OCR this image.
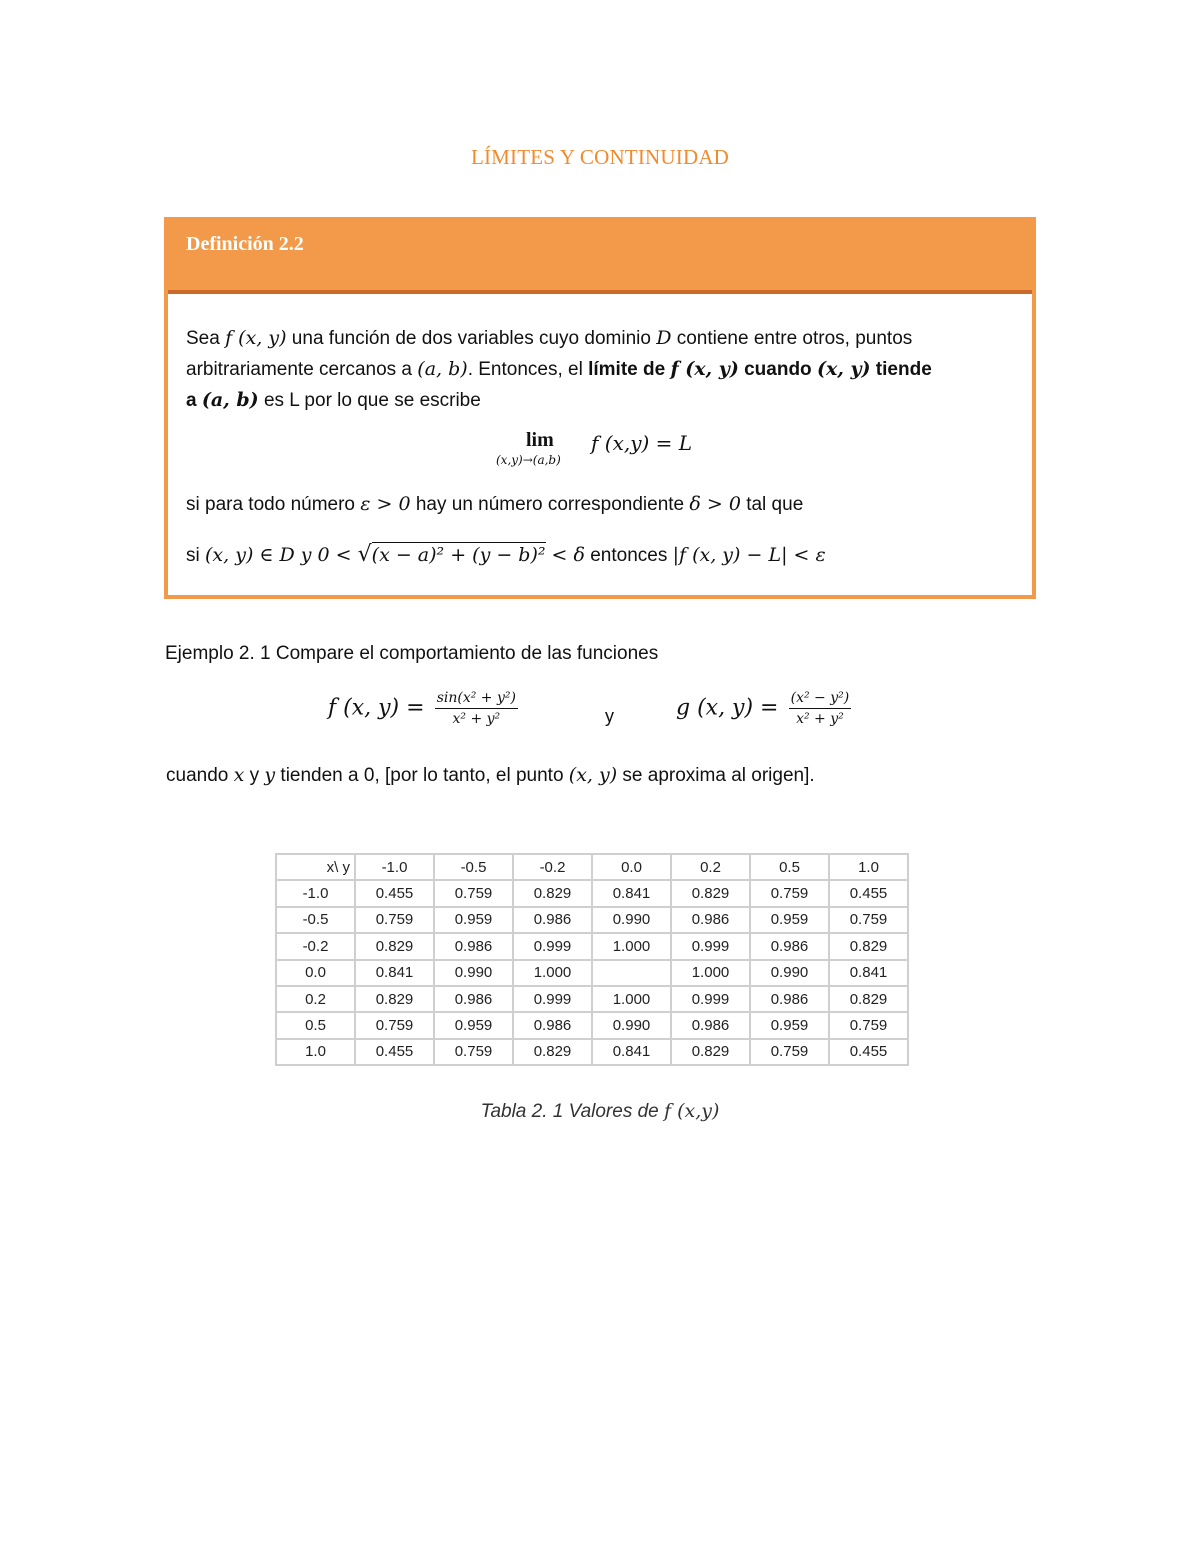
LÍMITES Y CONTINUIDAD
Definición 2.2
Sea f (x, y) una función de dos variables cuyo dominio D contiene entre otros, puntos
arbitrariamente cercanos a (a, b). Entonces, el límite de f (x, y) cuando (x, y) tiende
a (a, b) es L por lo que se escribe
si para todo número ε > 0 hay un número correspondiente δ > 0 tal que
si (x, y) ∈ D y 0 < √(x − a)² + (y − b)² < δ entonces |f (x, y) − L| < ε
lim
(x,y)→(a,b)
f (x,y) = L
Ejemplo 2. 1 Compare el comportamiento de las funciones
f (x, $y) = \frac{\text{sin(x² + y²)}}{\text{x² + y²}}$	y	g (x, $y) = \frac{\text{(x² − y²)}}{\text{x² + y²}}$
cuando x y y tienden a 0, [por lo tanto, el punto (x, y) se aproxima al origen].
x\ y	-1.0	-0.5	-0.2	0.0	0.2	0.5	1.0
-1.0	0.455	0.759	0.829	0.841	0.829	0.759	0.455
-0.5	0.759	0.959	0.986	0.990	0.986	0.959	0.759
-0.2	0.829	0.986	0.999	1.000	0.999	0.986	0.829
0.0	0.841	0.990	1.000		1.000	0.990	0.841
0.2	0.829	0.986	0.999	1.000	0.999	0.986	0.829
0.5	0.759	0.959	0.986	0.990	0.986	0.959	0.759
1.0	0.455	0.759	0.829	0.841	0.829	0.759	0.455
Tabla 2. 1 Valores de f (x,y)
